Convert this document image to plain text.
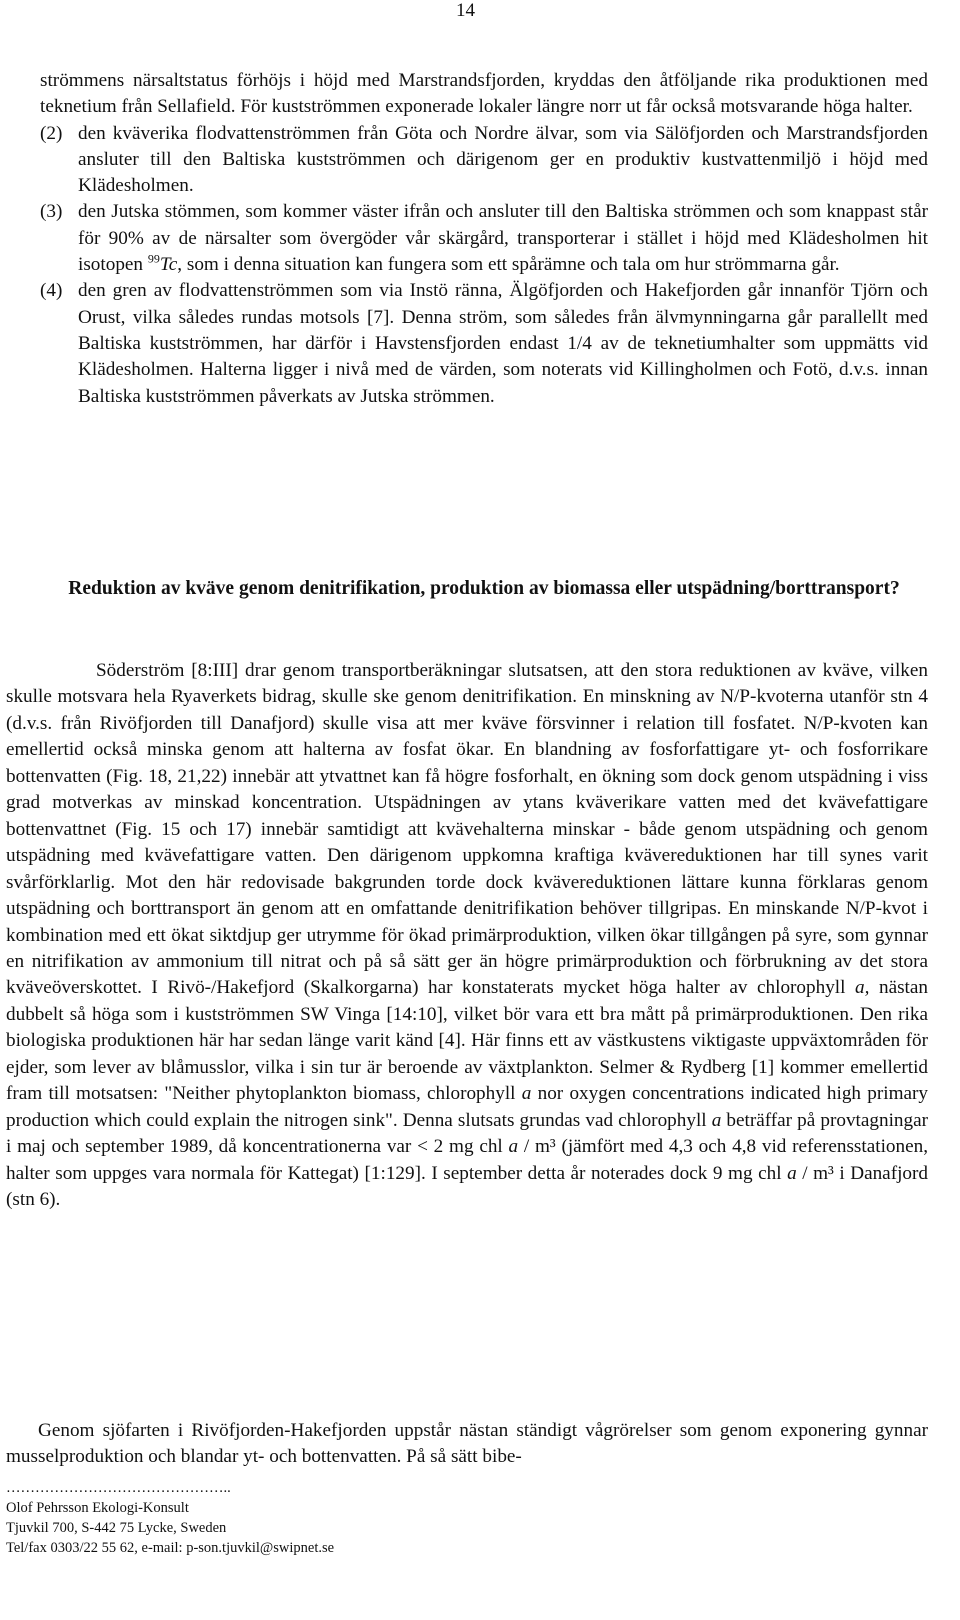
14

strömmens närsaltstatus förhöjs i höjd med Marstrandsfjorden, kryddas den åtföljande rika produktionen med teknetium från Sellafield. För kustströmmen exponerade lokaler längre norr ut får också motsvarande höga halter.

(2) den kväverika flodvattenströmmen från Göta och Nordre älvar, som via Sälöfjorden och Marstrandsfjorden ansluter till den Baltiska kustströmmen och därigenom ger en produktiv kustvattenmiljö i höjd med Klädesholmen.
(3) den Jutska stömmen, som kommer väster ifrån och ansluter till den Baltiska strömmen och som knappast står för 90% av de närsalter som övergöder vår skärgård, transporterar i stället i höjd med Klädesholmen hit isotopen $^{99}$Tc, som i denna situation kan fungera som ett spårämne och tala om hur strömmarna går.
(4) den gren av flodvattenströmmen som via Instö ränna, Älgöfjorden och Hakefjorden går innanför Tjörn och Orust, vilka således rundas motsols [7]. Denna ström, som således från älvmynningarna går parallellt med Baltiska kustströmmen, har därför i Havstensfjorden endast 1/4 av de teknetiumhalter som uppmätts vid Klädesholmen. Halterna ligger i nivå med de värden, som noterats vid Killingholmen och Fotö, d.v.s. innan Baltiska kustströmmen påverkats av Jutska strömmen.
Reduktion av kväve genom denitrifikation, produktion av biomassa eller utspädning/borttransport?

Söderström [8:III] drar genom transportberäkningar slutsatsen, att den stora reduktionen av kväve, vilken skulle motsvara hela Ryaverkets bidrag, skulle ske genom denitrifikation. En minskning av N/P-kvoterna utanför stn 4 (d.v.s. från Rivöfjorden till Danafjord) skulle visa att mer kväve försvinner i relation till fosfatet. N/P-kvoten kan emellertid också minska genom att halterna av fosfat ökar. En blandning av fosforfattigare yt- och fosforrikare bottenvatten (Fig. 18, 21,22) innebär att ytvattnet kan få högre fosforhalt, en ökning som dock genom utspädning i viss grad motverkas av minskad koncentration. Utspädningen av ytans kväverikare vatten med det kvävefattigare bottenvattnet (Fig. 15 och 17) innebär samtidigt att kvävehalterna minskar - både genom utspädning och genom utspädning med kvävefattigare vatten. Den därigenom uppkomna kraftiga kvävereduktionen har till synes varit svårförklarlig. Mot den här redovisade bakgrunden torde dock kvävereduktionen lättare kunna förklaras genom utspädning och borttransport än genom att en omfattande denitrifikation behöver tillgripas. En minskande N/P-kvot i kombination med ett ökat siktdjup ger utrymme för ökad primärproduktion, vilken ökar tillgången på syre, som gynnar en nitrifikation av ammonium till nitrat och på så sätt ger än högre primärproduktion och förbrukning av det stora kväveöverskottet. I Rivö-/Hakefjord (Skalkorgarna) har konstaterats mycket höga halter av chlorophyll a, nästan dubbelt så höga som i kustströmmen SW Vinga [14:10], vilket bör vara ett bra mått på primärproduktionen. Den rika biologiska produktionen här har sedan länge varit känd [4]. Här finns ett av västkustens viktigaste uppväxtområden för ejder, som lever av blåmusslor, vilka i sin tur är beroende av växtplankton. Selmer & Rydberg [1] kommer emellertid fram till motsatsen: "Neither phytoplankton biomass, chlorophyll a nor oxygen concentrations indicated high primary production which could explain the nitrogen sink". Denna slutsats grundas vad chlorophyll a beträffar på provtagningar i maj och september 1989, då koncentrationerna var < 2 mg chl a / m³ (jämfört med 4,3 och 4,8 vid referensstationen, halter som uppges vara normala för Kattegat) [1:129]. I september detta år noterades dock 9 mg chl a / m³ i Danafjord (stn 6).

Genom sjöfarten i Rivöfjorden-Hakefjorden uppstår nästan ständigt vågrörelser som genom exponering gynnar musselproduktion och blandar yt- och bottenvatten. På så sätt bibe-

………………………………………..
Olof Pehrsson Ekologi-Konsult
Tjuvkil 700, S-442 75 Lycke, Sweden
Tel/fax 0303/22 55 62, e-mail: p-son.tjuvkil@swipnet.se
